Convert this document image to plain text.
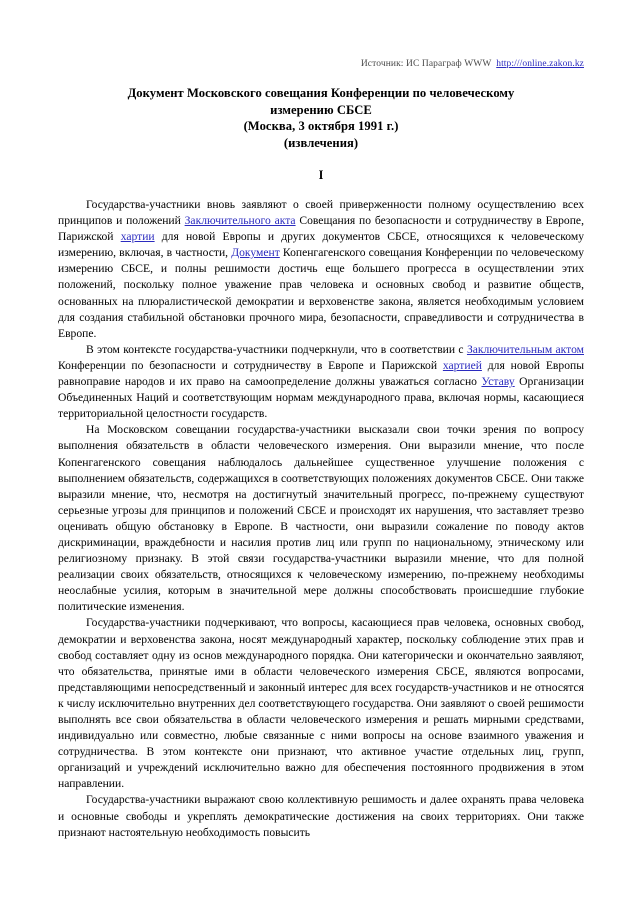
Источник: ИС Параграф WWW http:///online.zakon.kz
Документ Московского совещания Конференции по человеческому
измерению СБСЕ
(Москва, 3 октября 1991 г.)
(извлечения)
I

Государства-участники вновь заявляют о своей приверженности полному осуществлению всех принципов и положений Заключительного акта Совещания по безопасности и сотрудничеству в Европе, Парижской хартии для новой Европы и других документов СБСЕ, относящихся к человеческому измерению, включая, в частности, Документ Копенгагенского совещания Конференции по человеческому измерению СБСЕ, и полны решимости достичь еще большего прогресса в осуществлении этих положений, поскольку полное уважение прав человека и основных свобод и развитие обществ, основанных на плюралистической демократии и верховенстве закона, является необходимым условием для создания стабильной обстановки прочного мира, безопасности, справедливости и сотрудничества в Европе.

В этом контексте государства-участники подчеркнули, что в соответствии с Заключительным актом Конференции по безопасности и сотрудничеству в Европе и Парижской хартией для новой Европы равноправие народов и их право на самоопределение должны уважаться согласно Уставу Организации Объединенных Наций и соответствующим нормам международного права, включая нормы, касающиеся территориальной целостности государств.

На Московском совещании государства-участники высказали свои точки зрения по вопросу выполнения обязательств в области человеческого измерения. Они выразили мнение, что после Копенгагенского совещания наблюдалось дальнейшее существенное улучшение положения с выполнением обязательств, содержащихся в соответствующих положениях документов СБСЕ. Они также выразили мнение, что, несмотря на достигнутый значительный прогресс, по-прежнему существуют серьезные угрозы для принципов и положений СБСЕ и происходят их нарушения, что заставляет трезво оценивать общую обстановку в Европе. В частности, они выразили сожаление по поводу актов дискриминации, враждебности и насилия против лиц или групп по национальному, этническому или религиозному признаку. В этой связи государства-участники выразили мнение, что для полной реализации своих обязательств, относящихся к человеческому измерению, по-прежнему необходимы неослабные усилия, которым в значительной мере должны способствовать происшедшие глубокие политические изменения.

Государства-участники подчеркивают, что вопросы, касающиеся прав человека, основных свобод, демократии и верховенства закона, носят международный характер, поскольку соблюдение этих прав и свобод составляет одну из основ международного порядка. Они категорически и окончательно заявляют, что обязательства, принятые ими в области человеческого измерения СБСЕ, являются вопросами, представляющими непосредственный и законный интерес для всех государств-участников и не относятся к числу исключительно внутренних дел соответствующего государства. Они заявляют о своей решимости выполнять все свои обязательства в области человеческого измерения и решать мирными средствами, индивидуально или совместно, любые связанные с ними вопросы на основе взаимного уважения и сотрудничества. В этом контексте они признают, что активное участие отдельных лиц, групп, организаций и учреждений исключительно важно для обеспечения постоянного продвижения в этом направлении.

Государства-участники выражают свою коллективную решимость и далее охранять права человека и основные свободы и укреплять демократические достижения на своих территориях. Они также признают настоятельную необходимость повысить
